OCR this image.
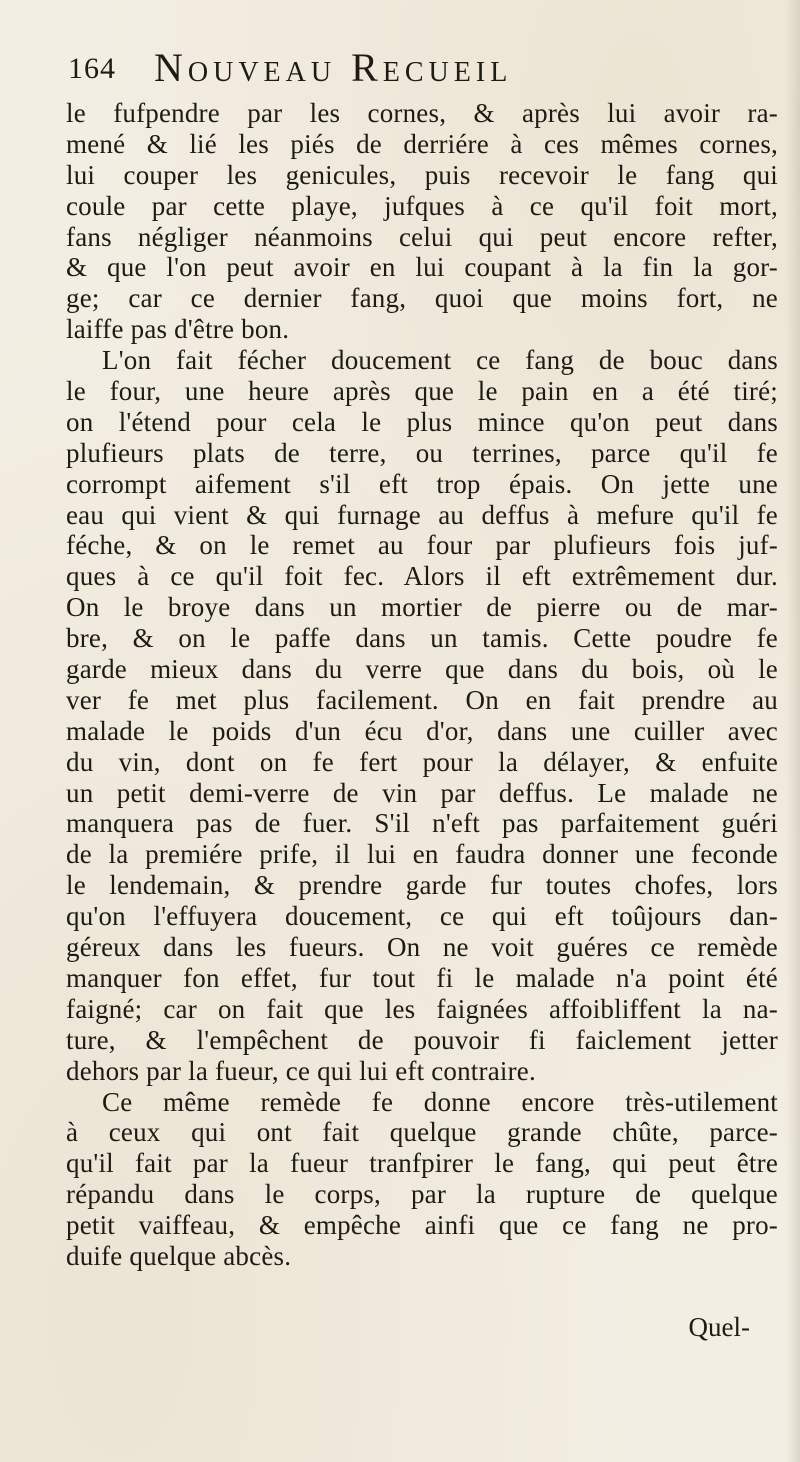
164 Nouveau Recueil
le fufpendre par les cornes, & après lui avoir ra-
mené & lié les piés de derriére à ces mêmes cornes,
lui couper les genicules, puis recevoir le fang qui
coule par cette playe, jufques à ce qu'il foit mort,
fans négliger néanmoins celui qui peut encore refter,
& que l'on peut avoir en lui coupant à la fin la gor-
ge; car ce dernier fang, quoi que moins fort, ne
laiffe pas d'être bon.
L'on fait fécher doucement ce fang de bouc dans
le four, une heure après que le pain en a été tiré;
on l'étend pour cela le plus mince qu'on peut dans
plufieurs plats de terre, ou terrines, parce qu'il fe
corrompt aifement s'il eft trop épais. On jette une
eau qui vient & qui furnage au deffus à mefure qu'il fe
féche, & on le remet au four par plufieurs fois juf-
ques à ce qu'il foit fec. Alors il eft extrêmement dur.
On le broye dans un mortier de pierre ou de mar-
bre, & on le paffe dans un tamis. Cette poudre fe
garde mieux dans du verre que dans du bois, où le
ver fe met plus facilement. On en fait prendre au
malade le poids d'un écu d'or, dans une cuiller avec
du vin, dont on fe fert pour la délayer, & enfuite
un petit demi-verre de vin par deffus. Le malade ne
manquera pas de fuer. S'il n'eft pas parfaitement guéri
de la premiére prife, il lui en faudra donner une feconde
le lendemain, & prendre garde fur toutes chofes, lors
qu'on l'effuyera doucement, ce qui eft toûjours dan-
géreux dans les fueurs. On ne voit guéres ce remède
manquer fon effet, fur tout fi le malade n'a point été
faigné; car on fait que les faignées affoibliffent la na-
ture, & l'empêchent de pouvoir fi faiclement jetter
dehors par la fueur, ce qui lui eft contraire.
Ce même remède fe donne encore très-utilement
à ceux qui ont fait quelque grande chûte, parce-
qu'il fait par la fueur tranfpirer le fang, qui peut être
répandu dans le corps, par la rupture de quelque
petit vaiffeau, & empêche ainfi que ce fang ne pro-
duife quelque abcès.
Quel-
